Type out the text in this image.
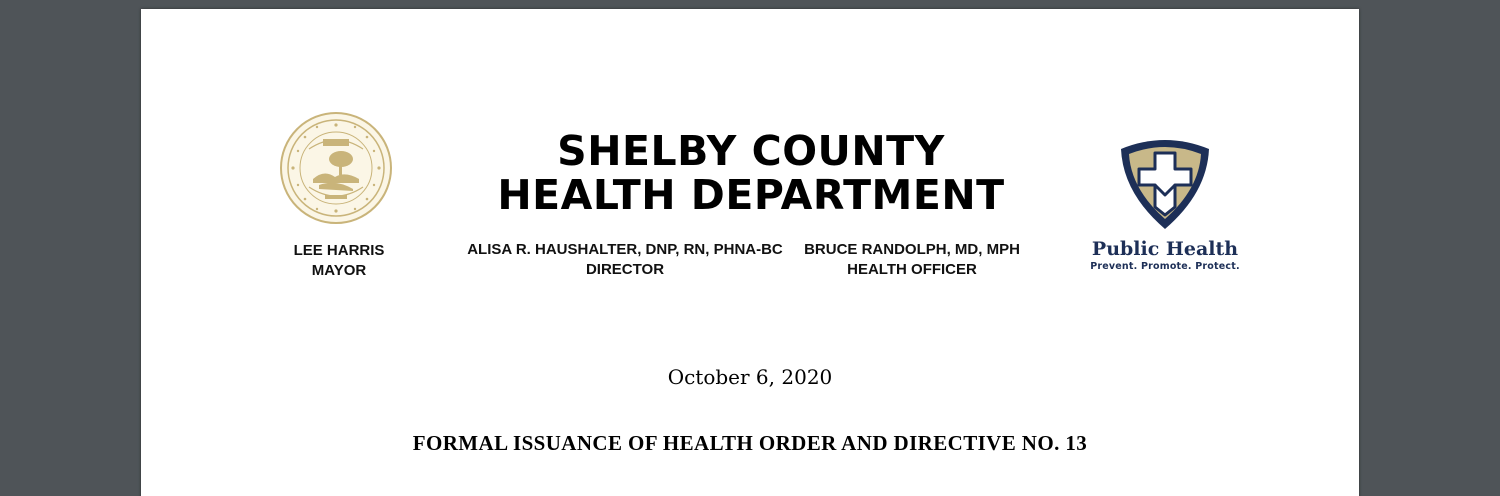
SHELBY COUNTY
HEALTH DEPARTMENT
LEE HARRIS
MAYOR
ALISA R. HAUSHALTER, DNP, RN, PHNA-BC
DIRECTOR
BRUCE RANDOLPH, MD, MPH
HEALTH OFFICER
Public Health
Prevent. Promote. Protect.
October 6, 2020
FORMAL ISSUANCE OF HEALTH ORDER AND DIRECTIVE NO. 13
